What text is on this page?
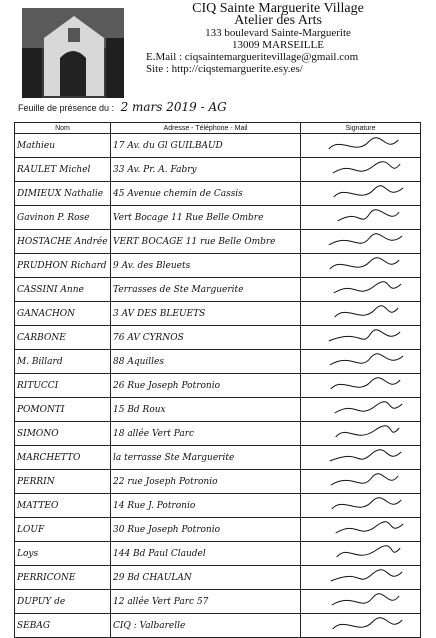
CIQ Sainte Marguerite Village
Atelier des Arts
133 boulevard Sainte-Marguerite
13009 MARSEILLE
E.Mail : ciqsaintemargueritevillage@gmail.com
Site : http://ciqstemarguerite.esy.es/
Feuille de présence du : 2 mars 2019 - AG
Nom	Adresse - Téléphone - Mail	Signature
Mathieu	17 Av. du Gl GUILBAUD	

RAULET Michel	33 Av. Pr. A. Fabry	

DIMIEUX Nathalie	45 Avenue chemin de Cassis	

Gavinon P. Rose	Vert Bocage 11 Rue Belle Ombre	

HOSTACHE Andrée	VERT BOCAGE 11 rue Belle Ombre	

PRUDHON Richard	9 Av. des Bleuets	

CASSINI Anne	Terrasses de Ste Marguerite	

GANACHON	3 AV DES BLEUETS	

CARBONE	76 AV CYRNOS	

M. Billard	88 Aquilles	

RITUCCI	26 Rue Joseph Potronio	

POMONTI	15 Bd Roux	

SIMONO	18 allée Vert Parc	

MARCHETTO	la terrasse Ste Marguerite	

PERRIN	22 rue Joseph Potronio	

MATTEO	14 Rue J. Potronio	

LOUF	30 Rue Joseph Potronio	

Loys	144 Bd Paul Claudel	

PERRICONE	29 Bd CHAULAN	

DUPUY de	12 allée Vert Parc 57	

SEBAG	CIQ : Valbarelle	
